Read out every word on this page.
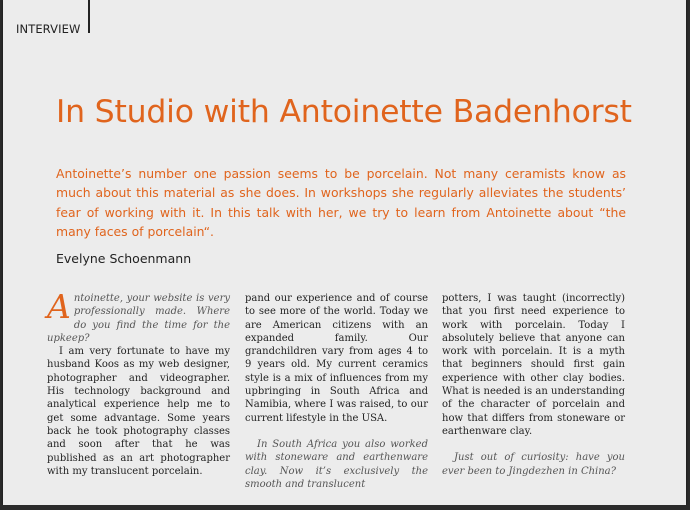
INTERVIEW
In Studio with Antoinette Badenhorst

Antoinette’s number one passion seems to be porcelain. Not many ceramists know as much about this material as she does. In workshops she regularly alleviates the students’ fear of working with it. In this talk with her, we try to learn from Antoinette about “the many faces of porcelain“.

Evelyne Schoenmann

Antoinette, your website is very professionally made. Where do you find the time for the upkeep?

I am very fortunate to have my husband Koos as my web designer, photographer and videographer. His technology background and analytical experience help me to get some advantage. Some years back he took photography classes and soon after that he was published as an art photographer with my translucent porcelain.

pand our experience and of course to see more of the world. Today we are American citizens with an expanded family. Our grandchildren vary from ages 4 to 9 years old. My current ceramics style is a mix of influences from my upbringing in South Africa and Namibia, where I was raised, to our current lifestyle in the USA.

In South Africa you also worked with stoneware and earthenware clay. Now it’s exclusively the smooth and translucent

potters, I was taught (incorrectly) that you first need experience to work with porcelain. Today I absolutely believe that anyone can work with porcelain. It is a myth that beginners should first gain experience with other clay bodies. What is needed is an understanding of the character of porcelain and how that differs from stoneware or earthenware clay.

Just out of curiosity: have you ever been to Jingdezhen in China?
